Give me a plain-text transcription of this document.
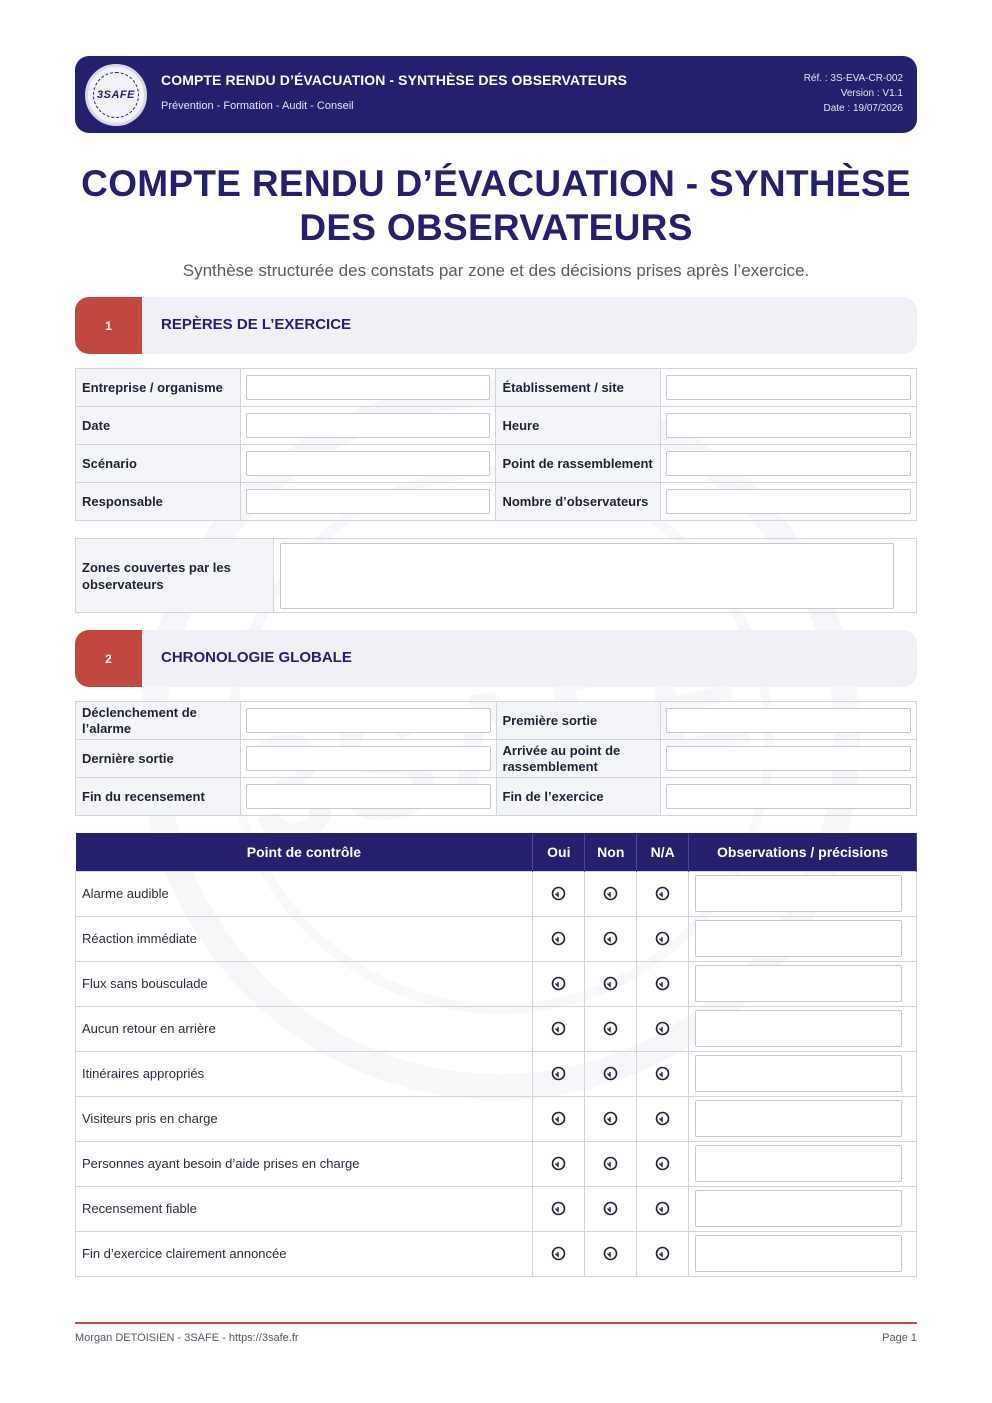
3SAFE
COMPTE RENDU D’ÉVACUATION - SYNTHÈSE DES OBSERVATEURS
Prévention - Formation - Audit - Conseil
Réf. : 3S-EVA-CR-002
Version : V1.1
Date : 19/07/2026
COMPTE RENDU D’ÉVACUATION - SYNTHÈSE DES OBSERVATEURS
Synthèse structurée des constats par zone et des décisions prises après l’exercice.
1	REPÈRES DE L’EXERCICE
Entreprise / organisme		Établissement / site	

Date		Heure	

Scénario		Point de rassemblement	

Responsable		Nombre d’observateurs	
Zones couvertes par les observateurs	
2	CHRONOLOGIE GLOBALE
Déclenchement de l’alarme		Première sortie	

Dernière sortie		Arrivée au point de rassemblement	

Fin du recensement		Fin de l’exercice	
Point de contrôle	Oui	Non	N/A	Observations / précisions
Alarme audible				

Réaction immédiate				

Flux sans bousculade				

Aucun retour en arrière				

Itinéraires appropriés				

Visiteurs pris en charge				

Personnes ayant besoin d’aide prises en charge				

Recensement fiable				

Fin d’exercice clairement annoncée				
Morgan DETOISIEN - 3SAFE - https://3safe.fr	Page 1
